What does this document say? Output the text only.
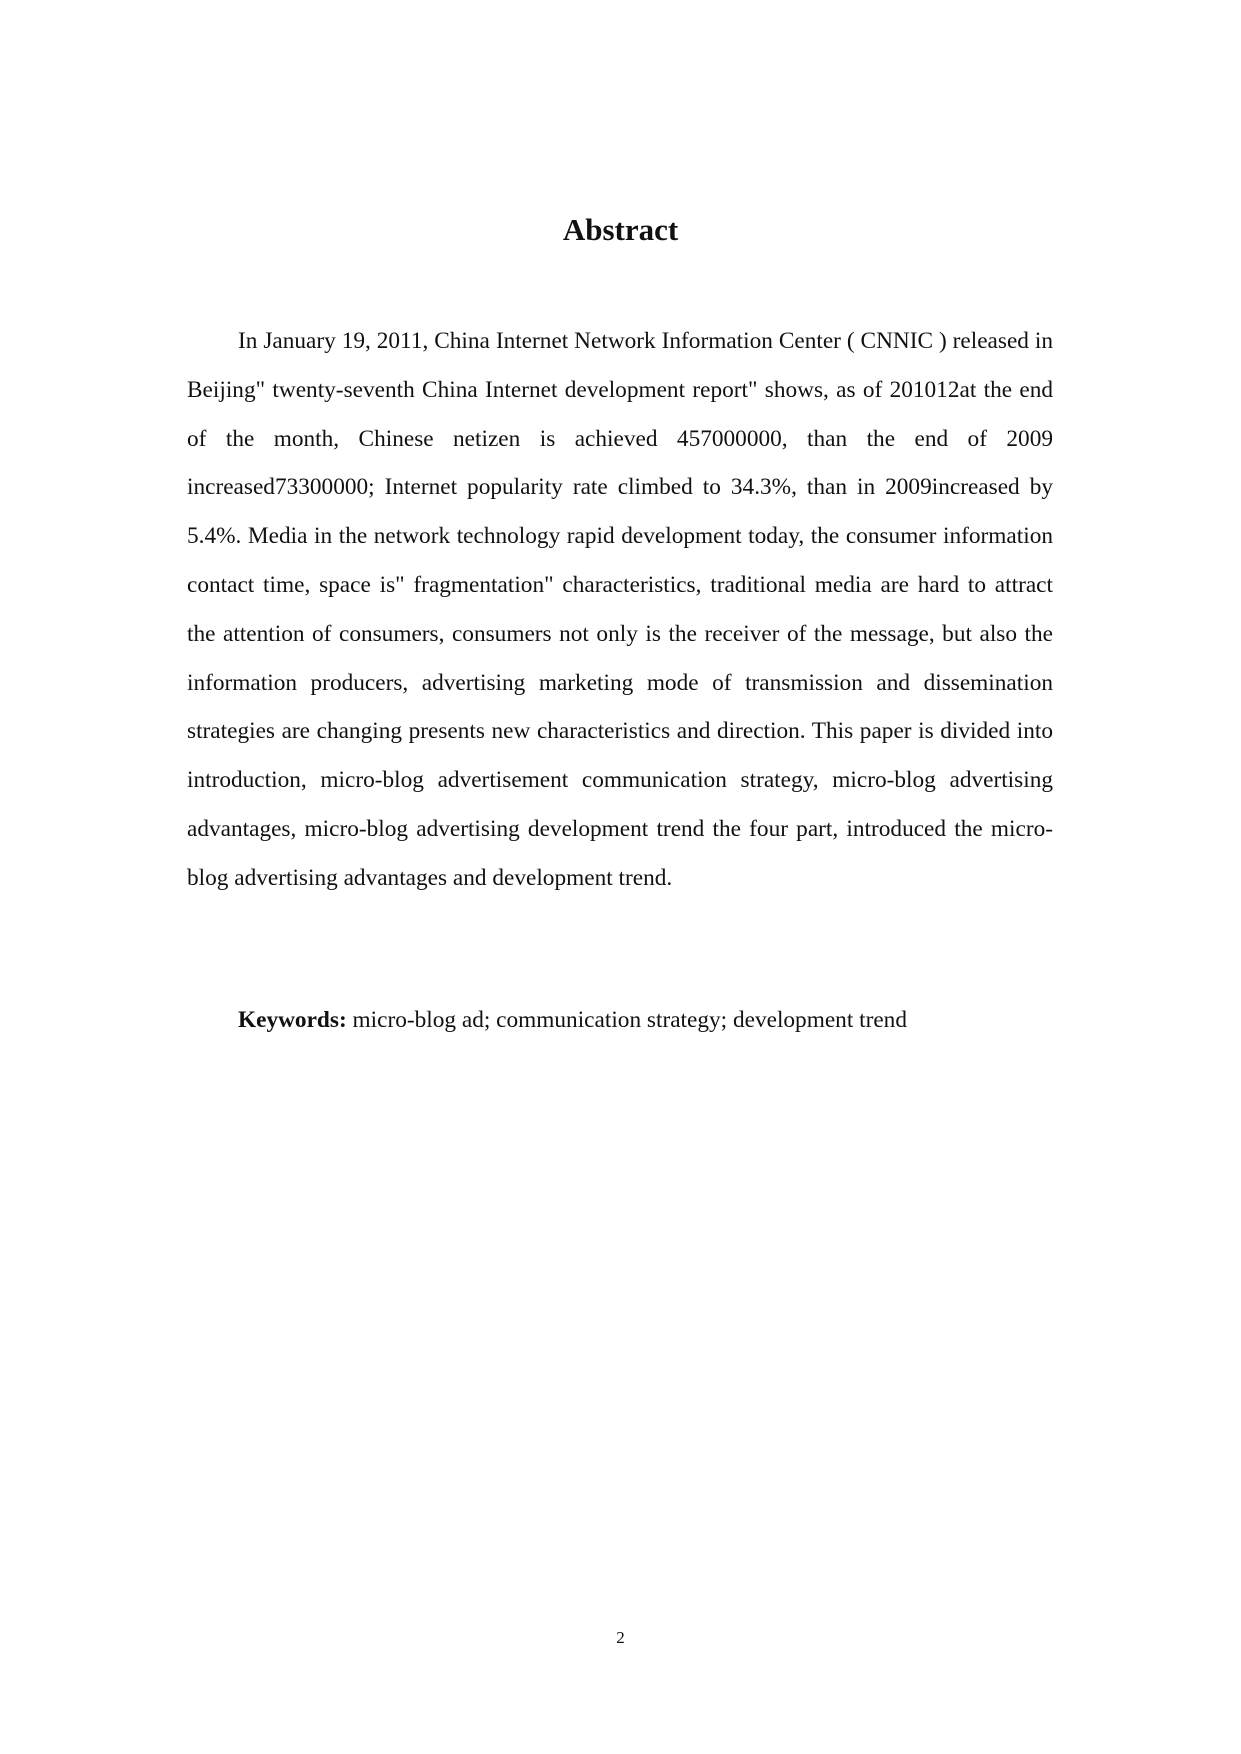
Abstract

In January 19, 2011, China Internet Network Information Center ( CNNIC ) released in Beijing" twenty-seventh China Internet development report" shows, as of 201012at the end of the month, Chinese netizen is achieved 457000000, than the end of 2009 increased73300000; Internet popularity rate climbed to 34.3%, than in 2009increased by 5.4%. Media in the network technology rapid development today, the consumer information contact time, space is" fragmentation" characteristics, traditional media are hard to attract the attention of consumers, consumers not only is the receiver of the message, but also the information producers, advertising marketing mode of transmission and dissemination strategies are changing presents new characteristics and direction. This paper is divided into introduction, micro-blog advertisement communication strategy, micro-blog advertising advantages, micro-blog advertising development trend the four part, introduced the micro-blog advertising advantages and development trend.

Keywords: micro-blog ad; communication strategy; development trend

2
